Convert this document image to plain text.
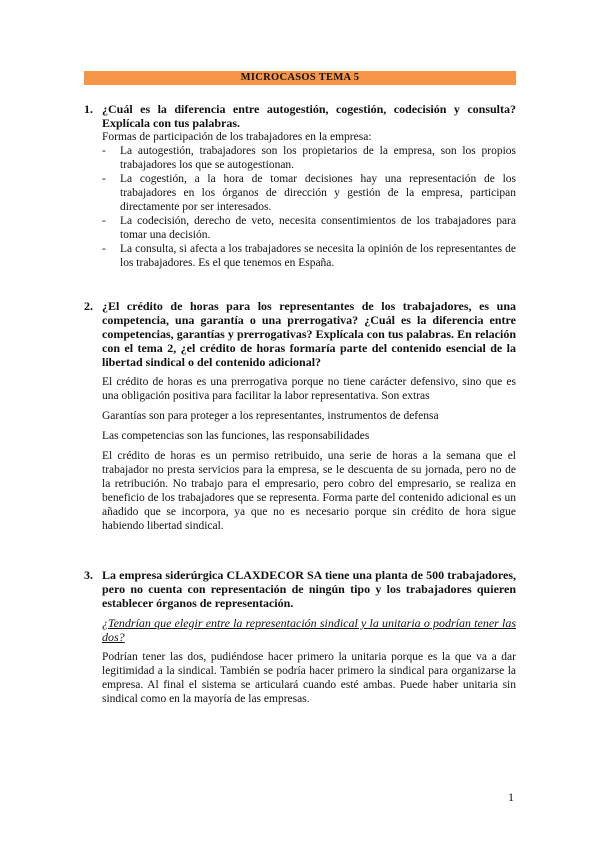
MICROCASOS TEMA 5
1. ¿Cuál es la diferencia entre autogestión, cogestión, codecisión y consulta? Explícala con tus palabras.

Formas de participación de los trabajadores en la empresa:

- La autogestión, trabajadores son los propietarios de la empresa, son los propios trabajadores los que se autogestionan.
- La cogestión, a la hora de tomar decisiones hay una representación de los trabajadores en los órganos de dirección y gestión de la empresa, participan directamente por ser interesados.
- La codecisión, derecho de veto, necesita consentimientos de los trabajadores para tomar una decisión.
- La consulta, si afecta a los trabajadores se necesita la opinión de los representantes de los trabajadores. Es el que tenemos en España.
2. ¿El crédito de horas para los representantes de los trabajadores, es una competencia, una garantía o una prerrogativa? ¿Cuál es la diferencia entre competencias, garantías y prerrogativas? Explícala con tus palabras. En relación con el tema 2, ¿el crédito de horas formaría parte del contenido esencial de la libertad sindical o del contenido adicional?

El crédito de horas es una prerrogativa porque no tiene carácter defensivo, sino que es una obligación positiva para facilitar la labor representativa. Son extras

Garantías son para proteger a los representantes, instrumentos de defensa

Las competencias son las funciones, las responsabilidades

El crédito de horas es un permiso retribuido, una serie de horas a la semana que el trabajador no presta servicios para la empresa, se le descuenta de su jornada, pero no de la retribución. No trabajo para el empresario, pero cobro del empresario, se realiza en beneficio de los trabajadores que se representa. Forma parte del contenido adicional es un añadido que se incorpora, ya que no es necesario porque sin crédito de hora sigue habiendo libertad sindical.

3. La empresa siderúrgica CLAXDECOR SA tiene una planta de 500 trabajadores, pero no cuenta con representación de ningún tipo y los trabajadores quieren establecer órganos de representación.

¿Tendrían que elegir entre la representación sindical y la unitaria o podrían tener las dos?

Podrían tener las dos, pudiéndose hacer primero la unitaria porque es la que va a dar legitimidad a la sindical. También se podría hacer primero la sindical para organizarse la empresa. Al final el sistema se articulará cuando esté ambas. Puede haber unitaria sin sindical como en la mayoría de las empresas.

1
